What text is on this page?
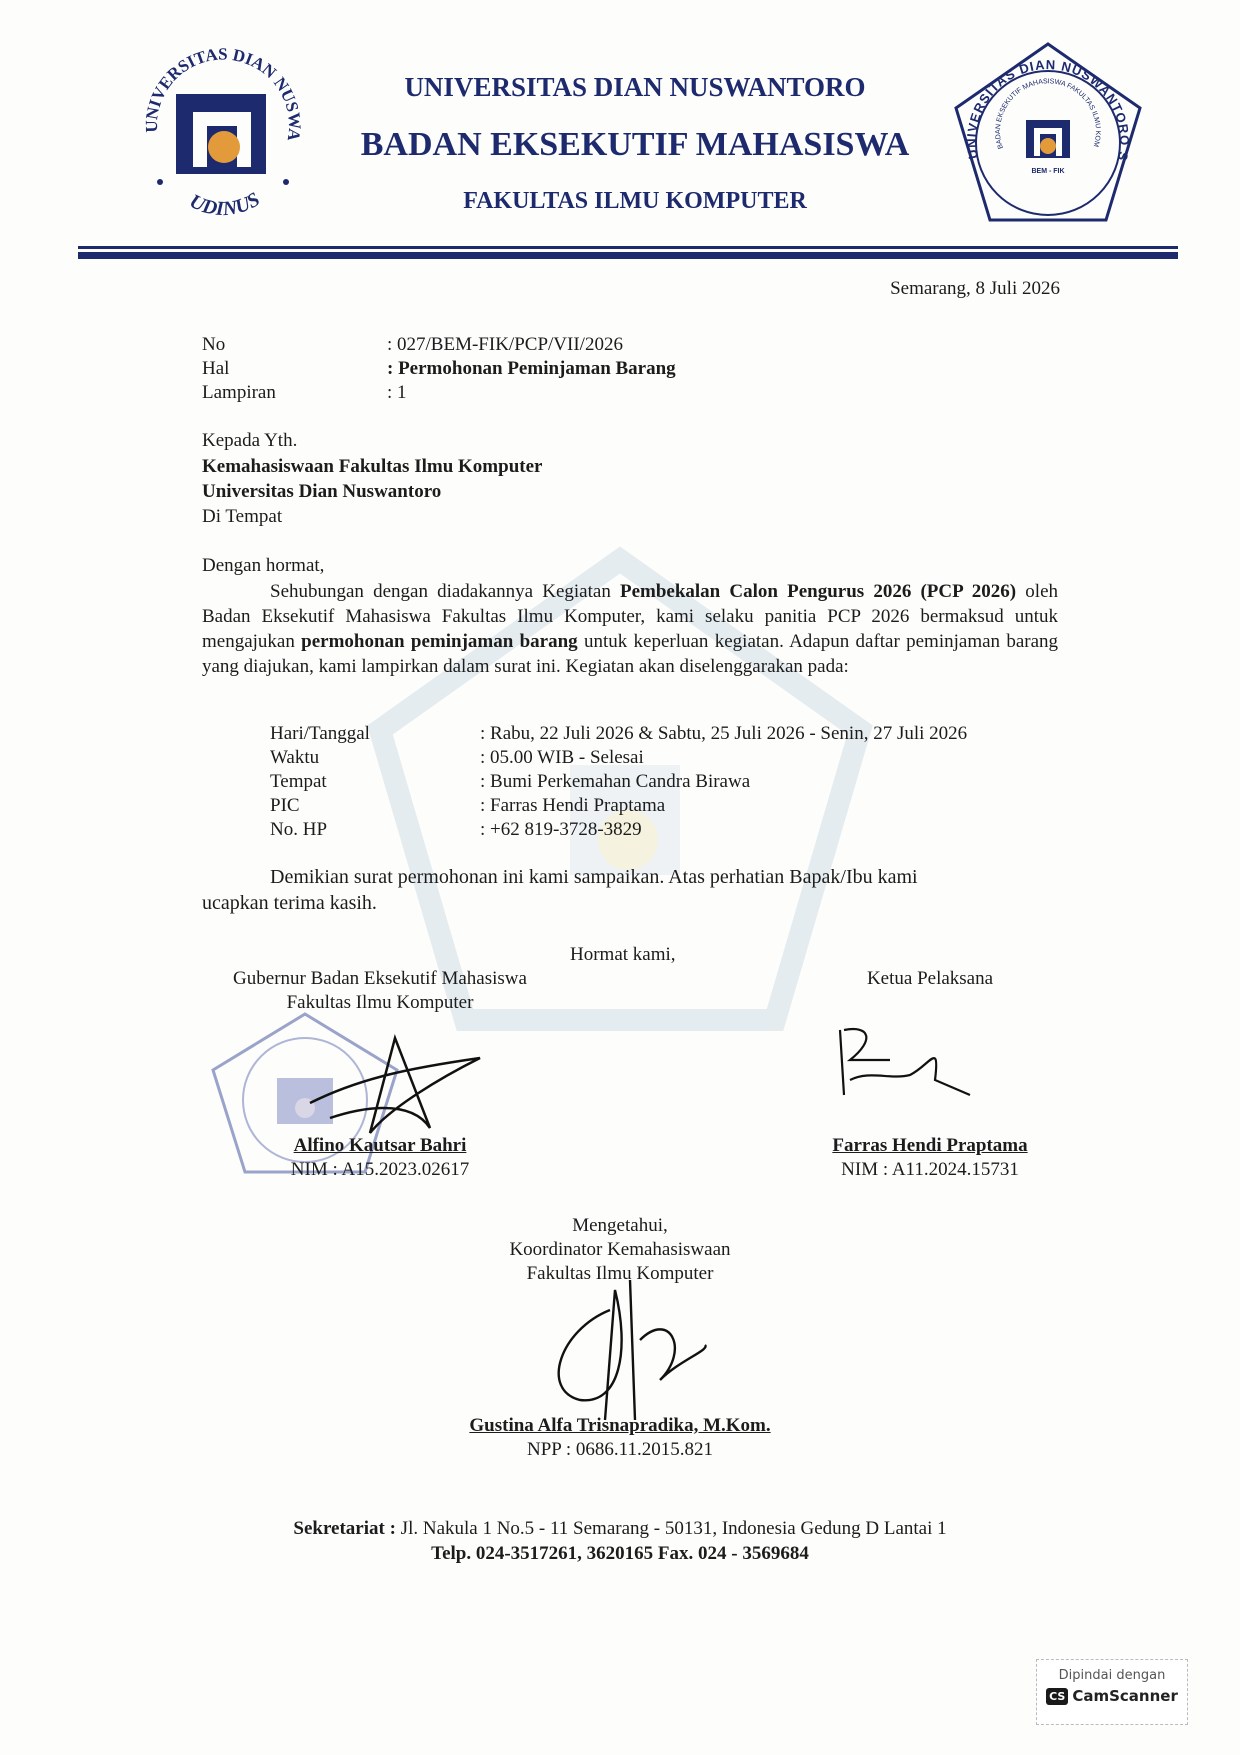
UNIVERSITAS DIAN NUSWA
UDINUS
UNIVERSITAS DIAN NUSWANTORO
BADAN EKSEKUTIF MAHASISWA
FAKULTAS ILMU KOMPUTER
UNIVERSITAS DIAN NUSWANTORO S
BADAN EKSEKUTIF MAHASISWA FAKULTAS ILMU KOM
BEM - FIK
Semarang, 8 Juli 2026
No	: 027/BEM-FIK/PCP/VII/2026
Hal	: Permohonan Peminjaman Barang
Lampiran	: 1
Kepada Yth.
Kemahasiswaan Fakultas Ilmu Komputer
Universitas Dian Nuswantoro
Di Tempat
Dengan hormat,
Sehubungan dengan diadakannya Kegiatan Pembekalan Calon Pengurus 2026 (PCP 2026) oleh Badan Eksekutif Mahasiswa Fakultas Ilmu Komputer, kami selaku panitia PCP 2026 bermaksud untuk mengajukan permohonan peminjaman barang untuk keperluan kegiatan. Adapun daftar peminjaman barang yang diajukan, kami lampirkan dalam surat ini. Kegiatan akan diselenggarakan pada:
Hari/Tanggal	: Rabu, 22 Juli 2026 & Sabtu, 25 Juli 2026 - Senin, 27 Juli 2026
Waktu	: 05.00 WIB - Selesai
Tempat	: Bumi Perkemahan Candra Birawa
PIC	: Farras Hendi Praptama
No. HP	: +62 819-3728-3829
Demikian surat permohonan ini kami sampaikan. Atas perhatian Bapak/Ibu kami
ucapkan terima kasih.
Hormat kami,
Gubernur Badan Eksekutif Mahasiswa
Fakultas Ilmu Komputer
Alfino Kautsar Bahri
NIM : A15.2023.02617
Ketua Pelaksana
Farras Hendi Praptama
NIM : A11.2024.15731
Mengetahui,
Koordinator Kemahasiswaan
Fakultas Ilmu Komputer
Gustina Alfa Trisnapradika, M.Kom.
NPP : 0686.11.2015.821
Sekretariat : Jl. Nakula 1 No.5 - 11 Semarang - 50131, Indonesia Gedung D Lantai 1
Telp. 024-3517261, 3620165 Fax. 024 - 3569684
Dipindai dengan
CS CamScanner
